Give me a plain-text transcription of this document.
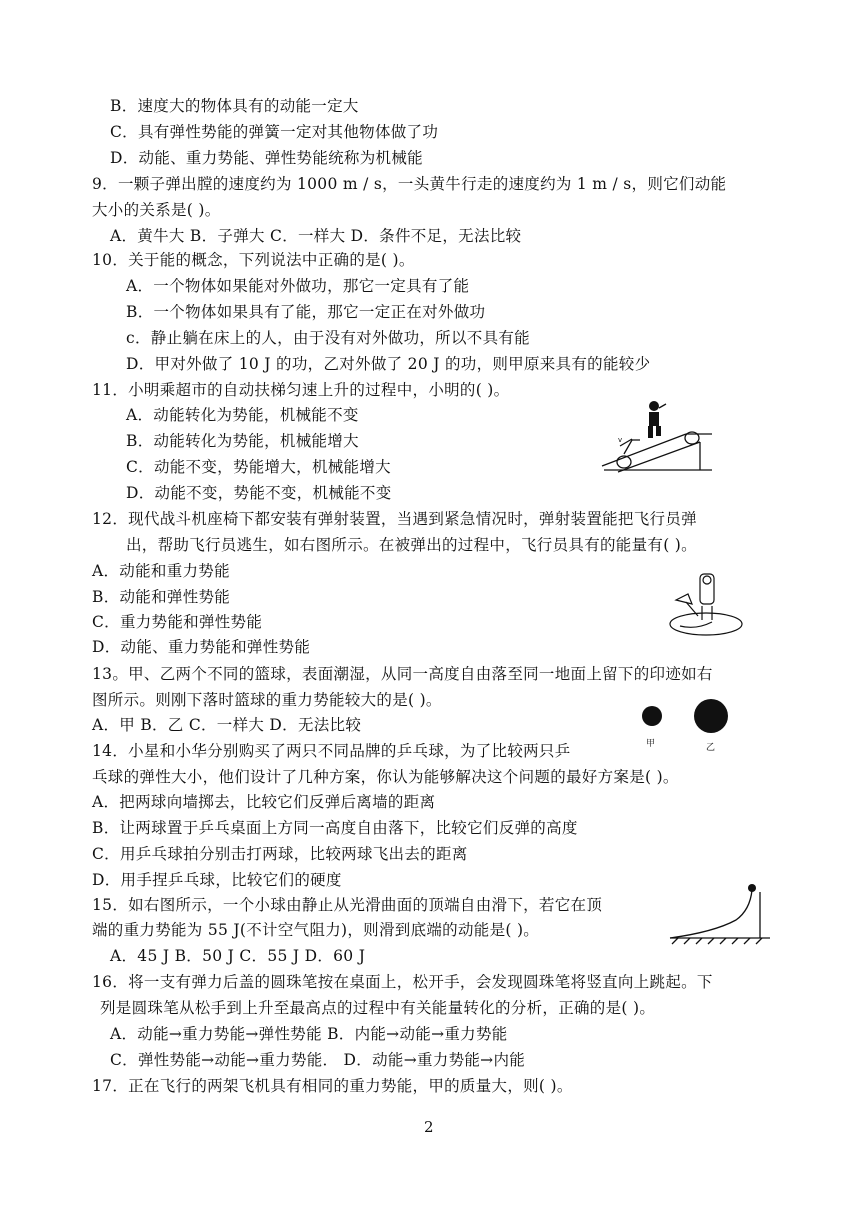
B．速度大的物体具有的动能一定大
C．具有弹性势能的弹簧一定对其他物体做了功
D．动能、重力势能、弹性势能统称为机械能
9．一颗子弹出膛的速度约为 1000 m / s，一头黄牛行走的速度约为 1 m / s，则它们动能
大小的关系是( )。
A．黄牛大 B．子弹大 C．一样大 D．条件不足，无法比较
10．关于能的概念，下列说法中正确的是( )。
A．一个物体如果能对外做功，那它一定具有了能
B．一个物体如果具有了能，那它一定正在对外做功
c．静止躺在床上的人，由于没有对外做功，所以不具有能
D．甲对外做了 10 J 的功，乙对外做了 20 J 的功，则甲原来具有的能较少
11．小明乘超市的自动扶梯匀速上升的过程中，小明的( )。
A．动能转化为势能，机械能不变
B．动能转化为势能，机械能增大
C．动能不变，势能增大，机械能增大
D．动能不变，势能不变，机械能不变
12．现代战斗机座椅下都安装有弹射装置，当遇到紧急情况时，弹射装置能把飞行员弹
出，帮助飞行员逃生，如右图所示。在被弹出的过程中，飞行员具有的能量有( )。
A．动能和重力势能
B．动能和弹性势能
C．重力势能和弹性势能
D．动能、重力势能和弹性势能
13。甲、乙两个不同的篮球，表面潮湿，从同一高度自由落至同一地面上留下的印迹如右
图所示。则刚下落时篮球的重力势能较大的是( )。
A．甲 B．乙 C．一样大 D．无法比较
14．小星和小华分别购买了两只不同品牌的乒乓球，为了比较两只乒
乓球的弹性大小，他们设计了几种方案，你认为能够解决这个问题的最好方案是( )。
A．把两球向墙掷去，比较它们反弹后离墙的距离
B．让两球置于乒乓桌面上方同一高度自由落下，比较它们反弹的高度
C．用乒乓球拍分别击打两球，比较两球飞出去的距离
D．用手捏乒乓球，比较它们的硬度
15．如右图所示，一个小球由静止从光滑曲面的顶端自由滑下，若它在顶
端的重力势能为 55 J(不计空气阻力)，则滑到底端的动能是( )。
A．45 J B．50 J C．55 J D．60 J
16．将一支有弹力后盖的圆珠笔按在桌面上，松开手，会发现圆珠笔将竖直向上跳起。下
列是圆珠笔从松手到上升至最高点的过程中有关能量转化的分析，正确的是( )。
A．动能→重力势能→弹性势能 B．内能→动能→重力势能
C．弹性势能→动能→重力势能． D．动能→重力势能→内能
17．正在飞行的两架飞机具有相同的重力势能，甲的质量大，则( )。
v
甲	乙
2
